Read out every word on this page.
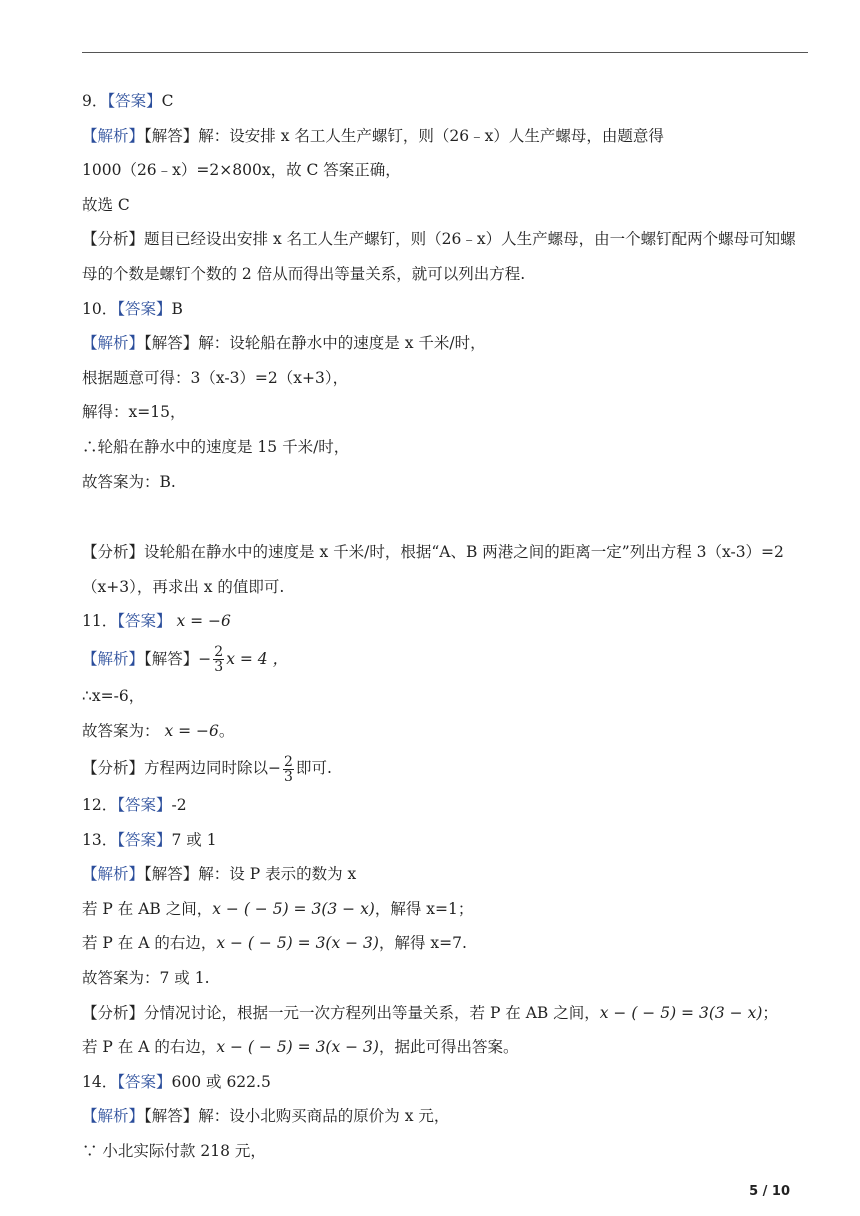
9．【答案】C
【解析】【解答】解：设安排 x 名工人生产螺钉，则（26﹣x）人生产螺母，由题意得
1000（26﹣x）=2×800x，故 C 答案正确，
故选 C
【分析】题目已经设出安排 x 名工人生产螺钉，则（26﹣x）人生产螺母，由一个螺钉配两个螺母可知螺母的个数是螺钉个数的 2 倍从而得出等量关系，就可以列出方程.
10．【答案】B
【解析】【解答】解：设轮船在静水中的速度是 x 千米/时，
根据题意可得：3（x-3）=2（x+3），
解得：x=15，
∴轮船在静水中的速度是 15 千米/时，
故答案为：B.
【分析】设轮船在静水中的速度是 x 千米/时，根据“A、B 两港之间的距离一定”列出方程 3（x-3）=2（x+3），再求出 x 的值即可.
11．【答案】 x = −6
【解析】【解答】− $\frac{2}{3}$ x = 4 ，
∴x=-6，
故答案为： x = −6。
【分析】方程两边同时除以− $\frac{2}{3}$ 即可.
12．【答案】-2
13．【答案】7 或 1
【解析】【解答】解：设 P 表示的数为 x
若 P 在 AB 之间，x − ( − 5) = 3(3 − x)，解得 x=1；
若 P 在 A 的右边，x − ( − 5) = 3(x − 3)，解得 x=7.
故答案为：7 或 1.
【分析】分情况讨论，根据一元一次方程列出等量关系，若 P 在 AB 之间，x − ( − 5) = 3(3 − x)；
若 P 在 A 的右边，x − ( − 5) = 3(x − 3)，据此可得出答案。
14．【答案】600 或 622.5
【解析】【解答】解：设小北购买商品的原价为 x 元，
∵ 小北实际付款 218 元，
5 / 10
